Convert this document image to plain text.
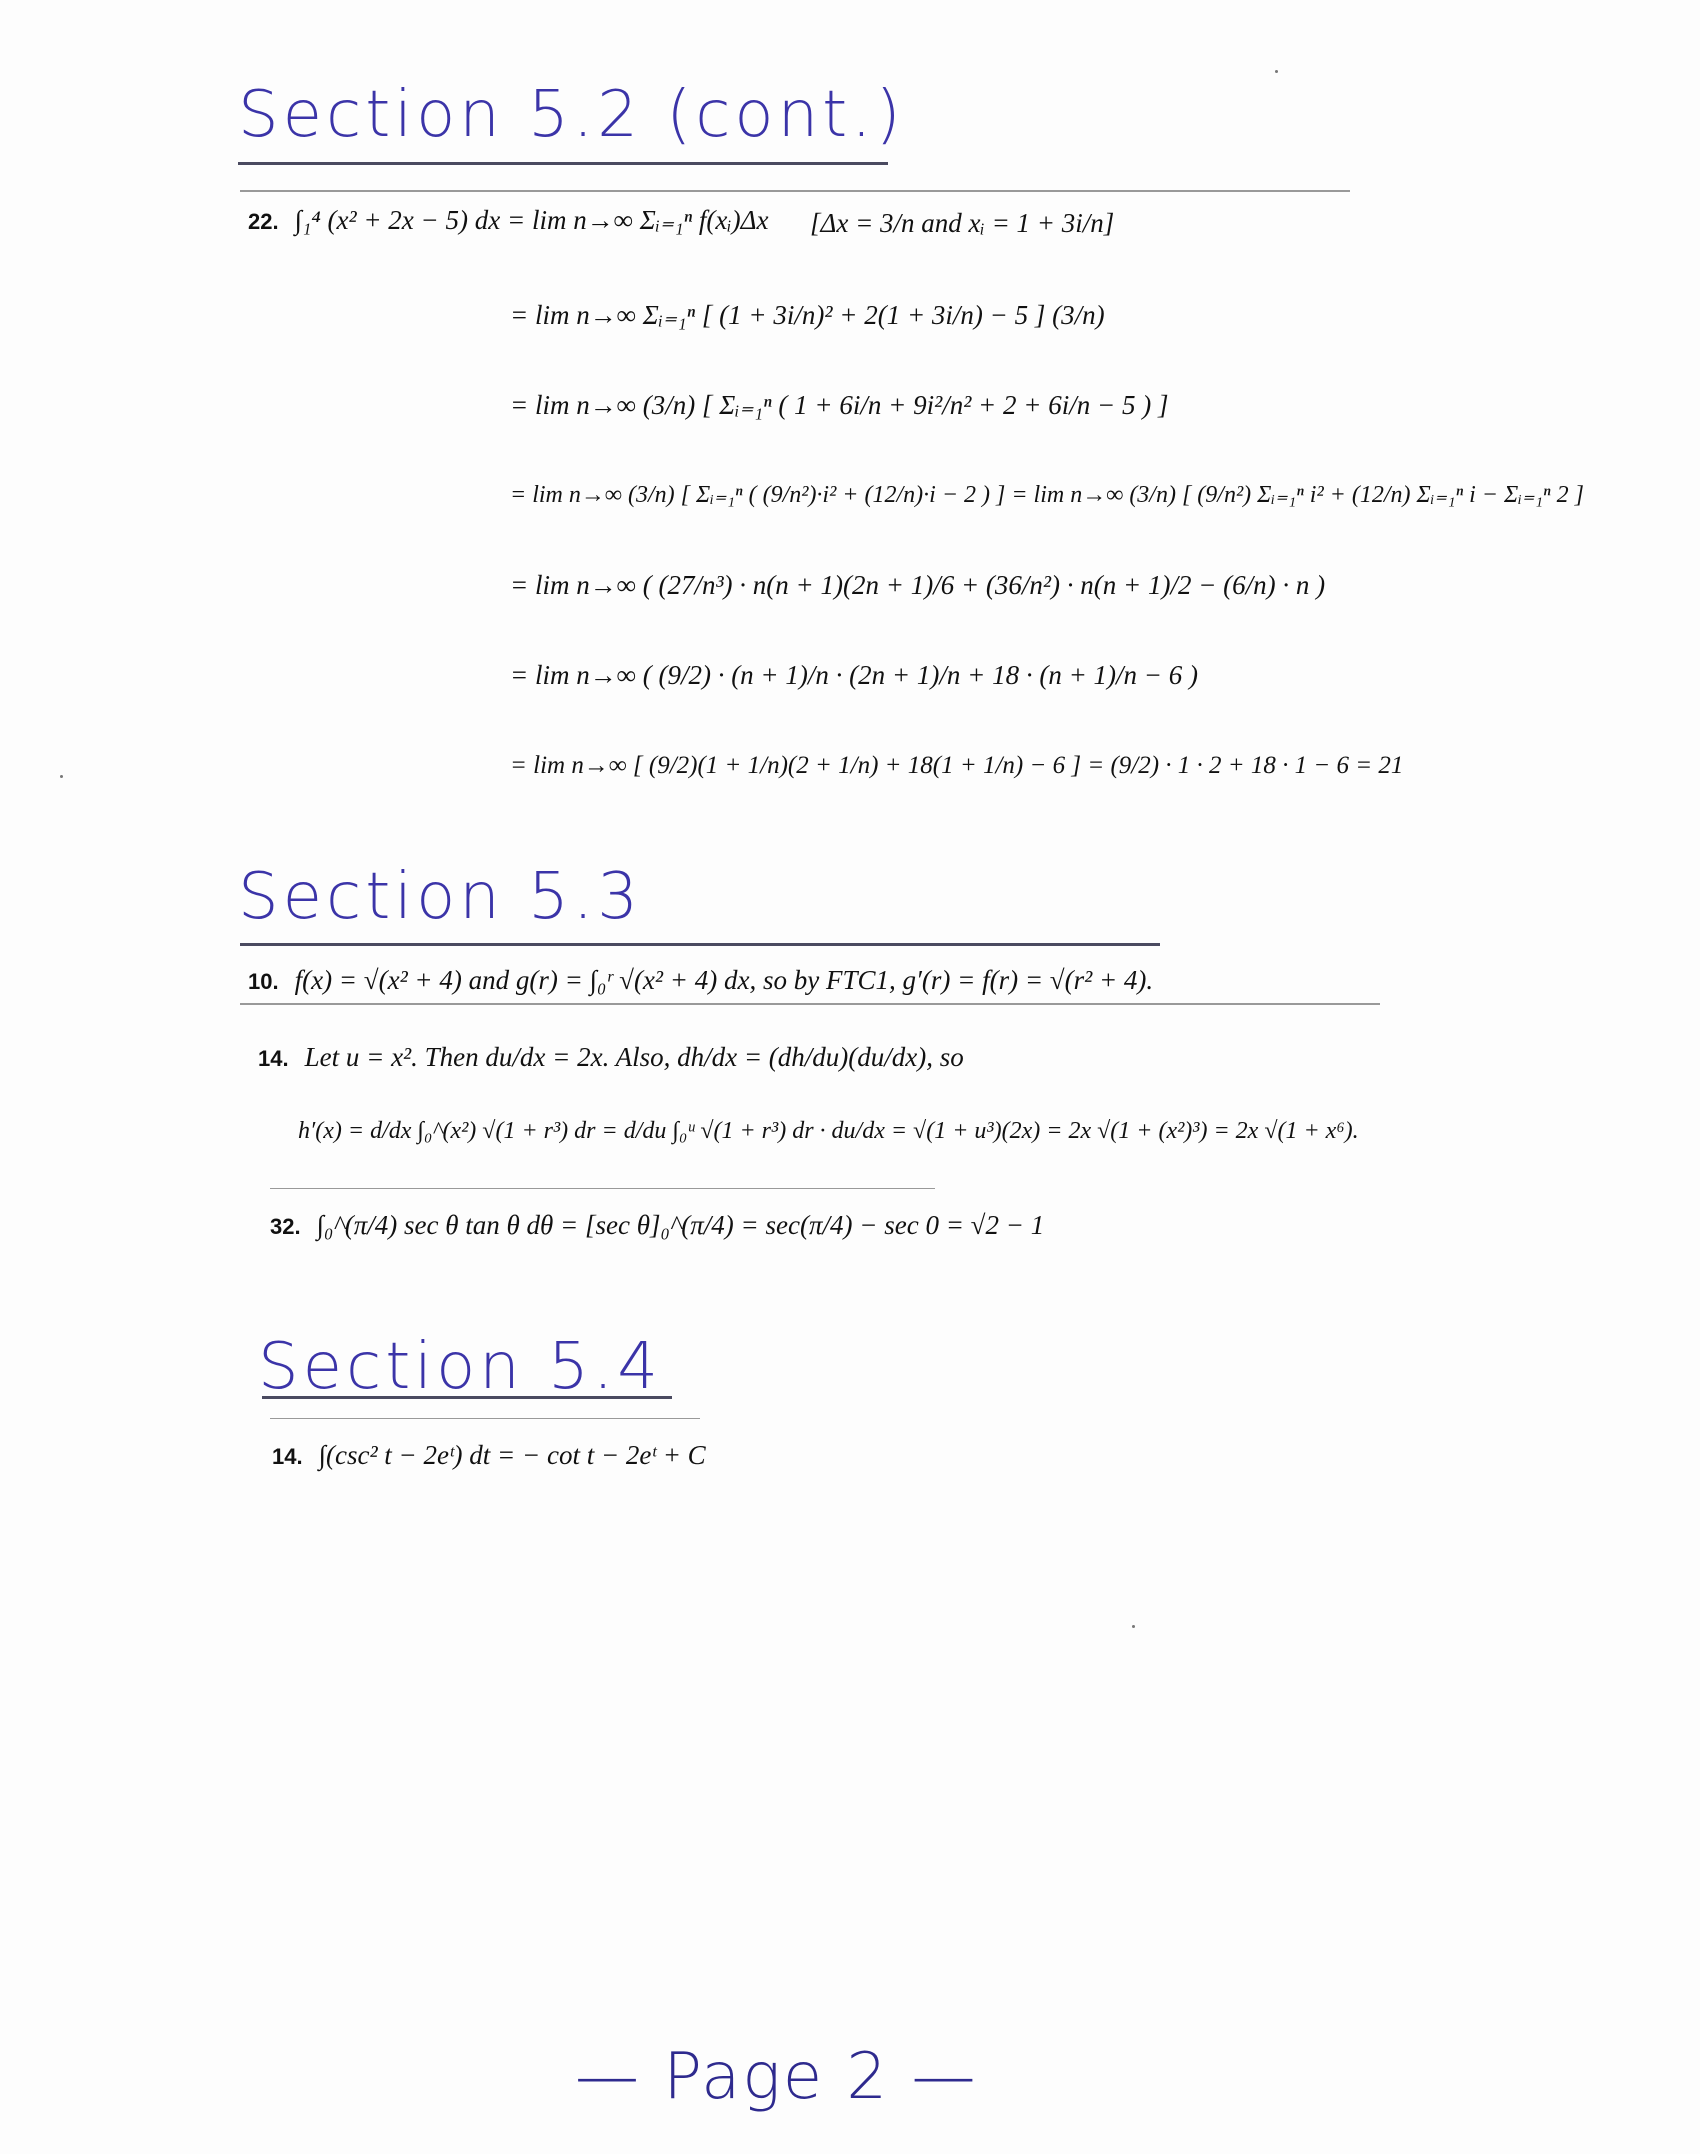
Section 5.2 (cont.)
22. ∫₁⁴ (x² + 2x − 5) dx = lim n→∞ Σᵢ₌₁ⁿ f(xᵢ)Δx [Δx = 3/n and xᵢ = 1 + 3i/n]
= lim n→∞ Σᵢ₌₁ⁿ [ (1 + 3i/n)² + 2(1 + 3i/n) − 5 ] (3/n)
= lim n→∞ (3/n) [ Σᵢ₌₁ⁿ ( 1 + 6i/n + 9i²/n² + 2 + 6i/n − 5 ) ]
= lim n→∞ (3/n) [ Σᵢ₌₁ⁿ ( (9/n²)·i² + (12/n)·i − 2 ) ] = lim n→∞ (3/n) [ (9/n²) Σᵢ₌₁ⁿ i² + (12/n) Σᵢ₌₁ⁿ i − Σᵢ₌₁ⁿ 2 ]
= lim n→∞ ( (27/n³) · n(n + 1)(2n + 1)/6 + (36/n²) · n(n + 1)/2 − (6/n) · n )
= lim n→∞ ( (9/2) · (n + 1)/n · (2n + 1)/n + 18 · (n + 1)/n − 6 )
= lim n→∞ [ (9/2)(1 + 1/n)(2 + 1/n) + 18(1 + 1/n) − 6 ] = (9/2) · 1 · 2 + 18 · 1 − 6 = 21
Section 5.3
10. f(x) = √(x² + 4) and g(r) = ∫₀ʳ √(x² + 4) dx, so by FTC1, g′(r) = f(r) = √(r² + 4).
14. Let u = x². Then du/dx = 2x. Also, dh/dx = (dh/du)(du/dx), so
h′(x) = d/dx ∫₀^(x²) √(1 + r³) dr = d/du ∫₀ᵘ √(1 + r³) dr · du/dx = √(1 + u³)(2x) = 2x √(1 + (x²)³) = 2x √(1 + x⁶).
32. ∫₀^(π/4) sec θ tan θ dθ = [sec θ]₀^(π/4) = sec(π/4) − sec 0 = √2 − 1
Section 5.4
14. ∫(csc² t − 2eᵗ) dt = − cot t − 2eᵗ + C
— Page 2 —
